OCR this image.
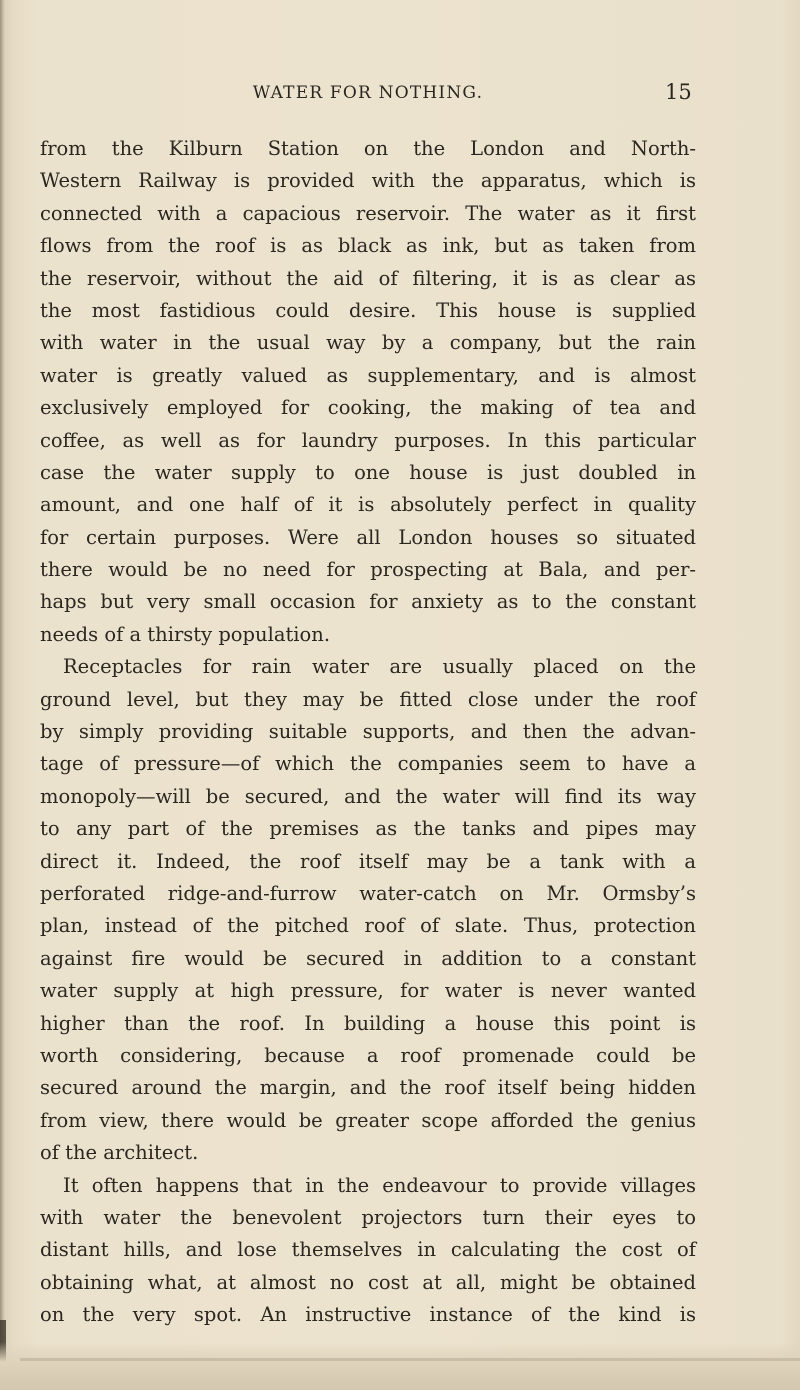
WATER FOR NOTHING.	15
from the Kilburn Station on the London and North-
Western Railway is provided with the apparatus, which is
connected with a capacious reservoir. The water as it first
flows from the roof is as black as ink, but as taken from
the reservoir, without the aid of filtering, it is as clear as
the most fastidious could desire. This house is supplied
with water in the usual way by a company, but the rain
water is greatly valued as supplementary, and is almost
exclusively employed for cooking, the making of tea and
coffee, as well as for laundry purposes. In this particular
case the water supply to one house is just doubled in
amount, and one half of it is absolutely perfect in quality
for certain purposes. Were all London houses so situated
there would be no need for prospecting at Bala, and per-
haps but very small occasion for anxiety as to the constant
needs of a thirsty population.
Receptacles for rain water are usually placed on the
ground level, but they may be fitted close under the roof
by simply providing suitable supports, and then the advan-
tage of pressure—of which the companies seem to have a
monopoly—will be secured, and the water will find its way
to any part of the premises as the tanks and pipes may
direct it. Indeed, the roof itself may be a tank with a
perforated ridge-and-furrow water-catch on Mr. Ormsby’s
plan, instead of the pitched roof of slate. Thus, protection
against fire would be secured in addition to a constant
water supply at high pressure, for water is never wanted
higher than the roof. In building a house this point is
worth considering, because a roof promenade could be
secured around the margin, and the roof itself being hidden
from view, there would be greater scope afforded the genius
of the architect.
It often happens that in the endeavour to provide villages
with water the benevolent projectors turn their eyes to
distant hills, and lose themselves in calculating the cost of
obtaining what, at almost no cost at all, might be obtained
on the very spot. An instructive instance of the kind is
